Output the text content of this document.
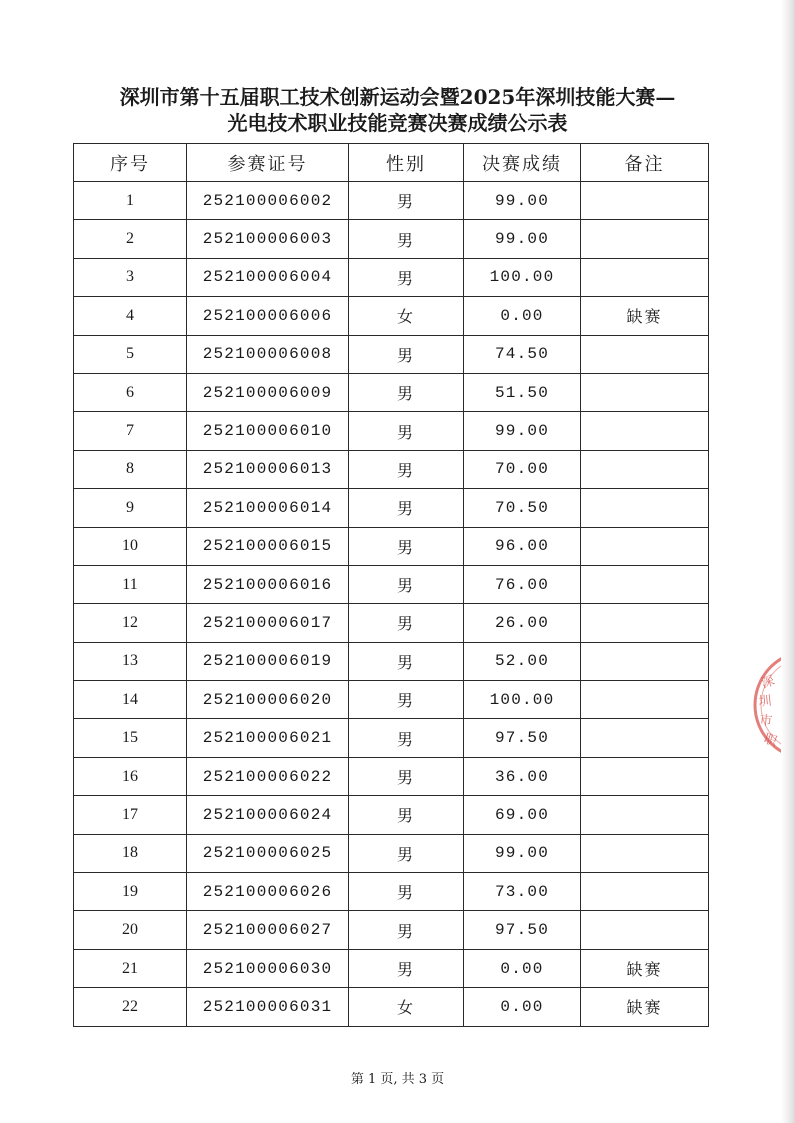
深圳市第十五届职工技术创新运动会暨2025年深圳技能大赛—
光电技术职业技能竞赛决赛成绩公示表
序号	参赛证号	性别	决赛成绩	备注
1	252100006002	男	99.00	
2	252100006003	男	99.00	
3	252100006004	男	100.00	
4	252100006006	女	0.00	缺赛
5	252100006008	男	74.50	
6	252100006009	男	51.50	
7	252100006010	男	99.00	
8	252100006013	男	70.00	
9	252100006014	男	70.50	
10	252100006015	男	96.00	
11	252100006016	男	76.00	
12	252100006017	男	26.00	
13	252100006019	男	52.00	
14	252100006020	男	100.00	
15	252100006021	男	97.50	
16	252100006022	男	36.00	
17	252100006024	男	69.00	
18	252100006025	男	99.00	
19	252100006026	男	73.00	
20	252100006027	男	97.50	
21	252100006030	男	0.00	缺赛
22	252100006031	女	0.00	缺赛
第 1 页, 共 3 页
深
圳
市
职
